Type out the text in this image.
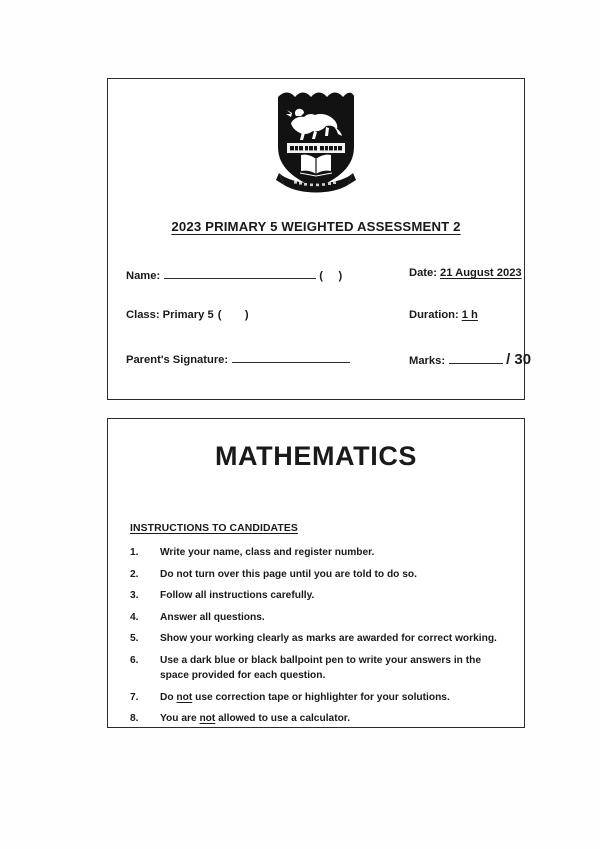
2023 PRIMARY 5 WEIGHTED ASSESSMENT 2
Name:	( )	Date: 21 August 2023
Class: Primary 5 ( )	Duration: 1 h
Parent's Signature:	Marks:	/ 30
MATHEMATICS
INSTRUCTIONS TO CANDIDATES
1.	Write your name, class and register number.
2.	Do not turn over this page until you are told to do so.
3.	Follow all instructions carefully.
4.	Answer all questions.
5.	Show your working clearly as marks are awarded for correct working.
6.	Use a dark blue or black ballpoint pen to write your answers in the space provided for each question.
7.	Do not use correction tape or highlighter for your solutions.
8.	You are not allowed to use a calculator.
